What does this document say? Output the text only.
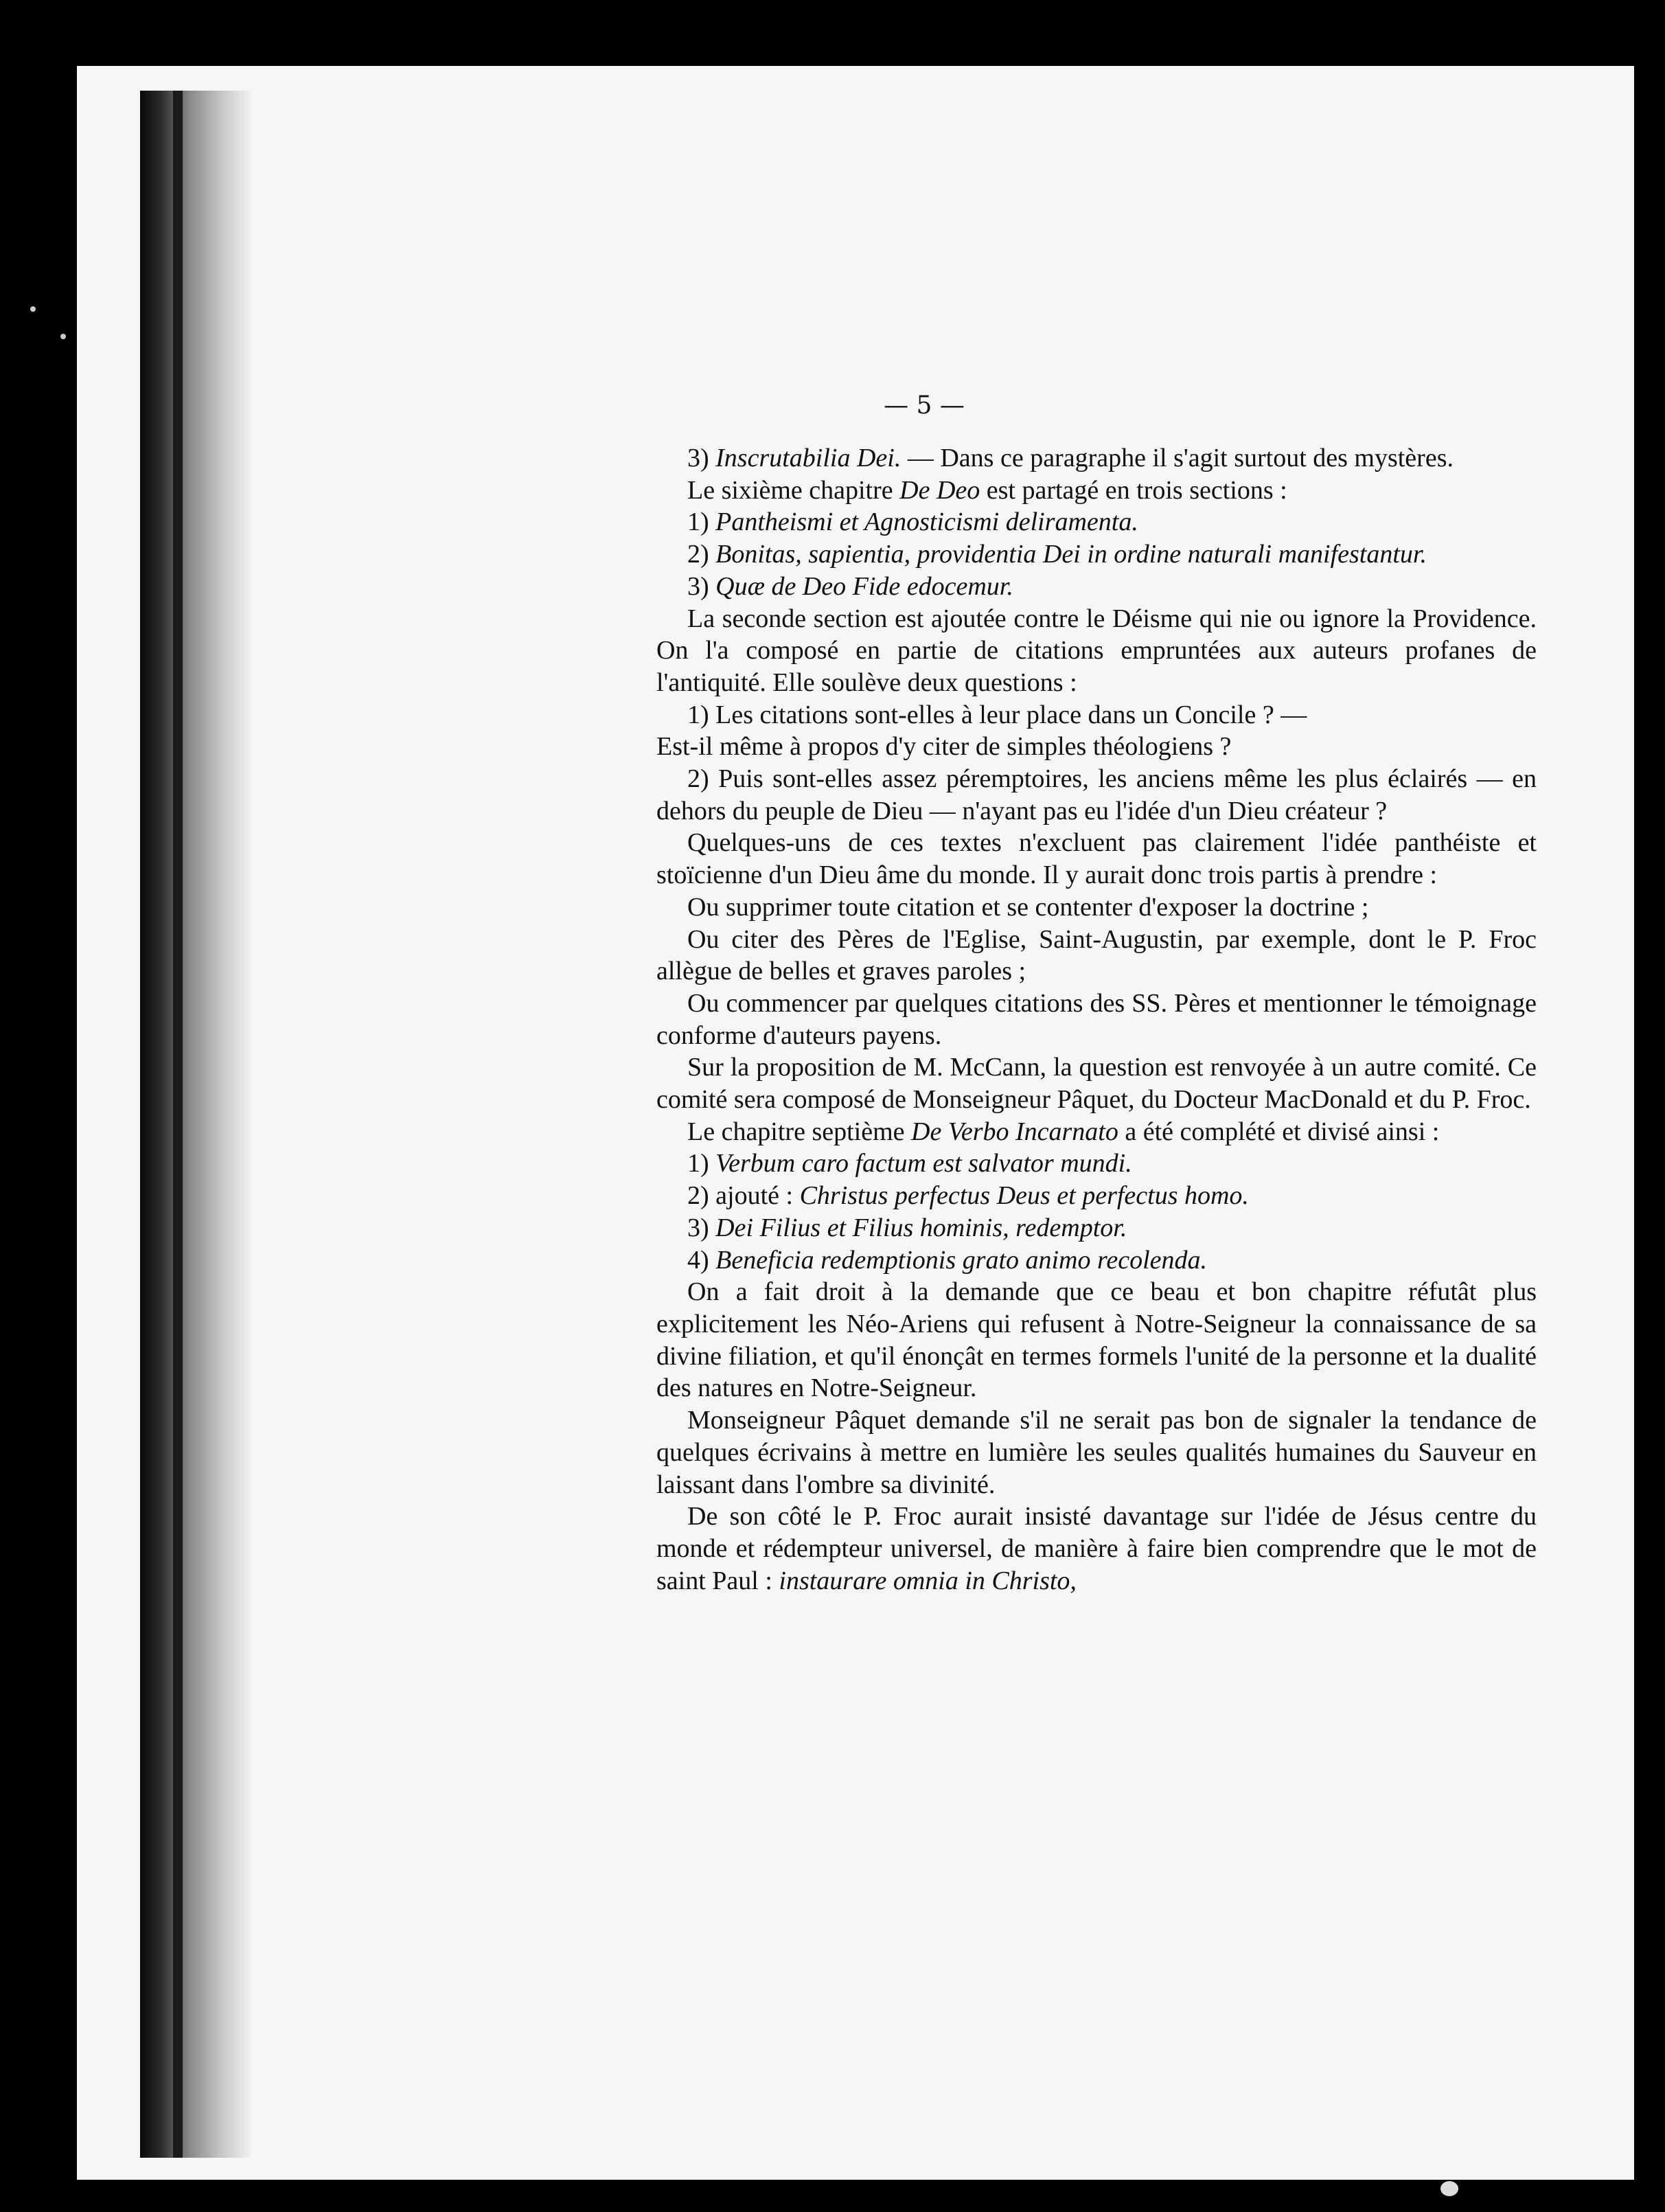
— 5 —

3) Inscrutabilia Dei. — Dans ce paragraphe il s'agit surtout des mystères.

Le sixième chapitre De Deo est partagé en trois sections :

1) Pantheismi et Agnosticismi deliramenta.

2) Bonitas, sapientia, providentia Dei in ordine naturali manifestantur.

3) Quæ de Deo Fide edocemur.

La seconde section est ajoutée contre le Déisme qui nie ou ignore la Providence. On l'a composé en partie de citations empruntées aux auteurs profanes de l'antiquité. Elle soulève deux questions :

1) Les citations sont-elles à leur place dans un Concile ? —

Est-il même à propos d'y citer de simples théologiens ?

2) Puis sont-elles assez péremptoires, les anciens même les plus éclairés — en dehors du peuple de Dieu — n'ayant pas eu l'idée d'un Dieu créateur ?

Quelques-uns de ces textes n'excluent pas clairement l'idée panthéiste et stoïcienne d'un Dieu âme du monde. Il y aurait donc trois partis à prendre :

Ou supprimer toute citation et se contenter d'exposer la doctrine ;

Ou citer des Pères de l'Eglise, Saint-Augustin, par exemple, dont le P. Froc allègue de belles et graves paroles ;

Ou commencer par quelques citations des SS. Pères et mentionner le témoignage conforme d'auteurs payens.

Sur la proposition de M. McCann, la question est renvoyée à un autre comité. Ce comité sera composé de Monseigneur Pâquet, du Docteur MacDonald et du P. Froc.

Le chapitre septième De Verbo Incarnato a été complété et divisé ainsi :

1) Verbum caro factum est salvator mundi.

2) ajouté : Christus perfectus Deus et perfectus homo.

3) Dei Filius et Filius hominis, redemptor.

4) Beneficia redemptionis grato animo recolenda.

On a fait droit à la demande que ce beau et bon chapitre réfutât plus explicitement les Néo-Ariens qui refusent à Notre-Seigneur la connaissance de sa divine filiation, et qu'il énonçât en termes formels l'unité de la personne et la dualité des natures en Notre-Seigneur.

Monseigneur Pâquet demande s'il ne serait pas bon de signaler la tendance de quelques écrivains à mettre en lumière les seules qualités humaines du Sauveur en laissant dans l'ombre sa divinité.

De son côté le P. Froc aurait insisté davantage sur l'idée de Jésus centre du monde et rédempteur universel, de manière à faire bien comprendre que le mot de saint Paul : instaurare omnia in Christo,
